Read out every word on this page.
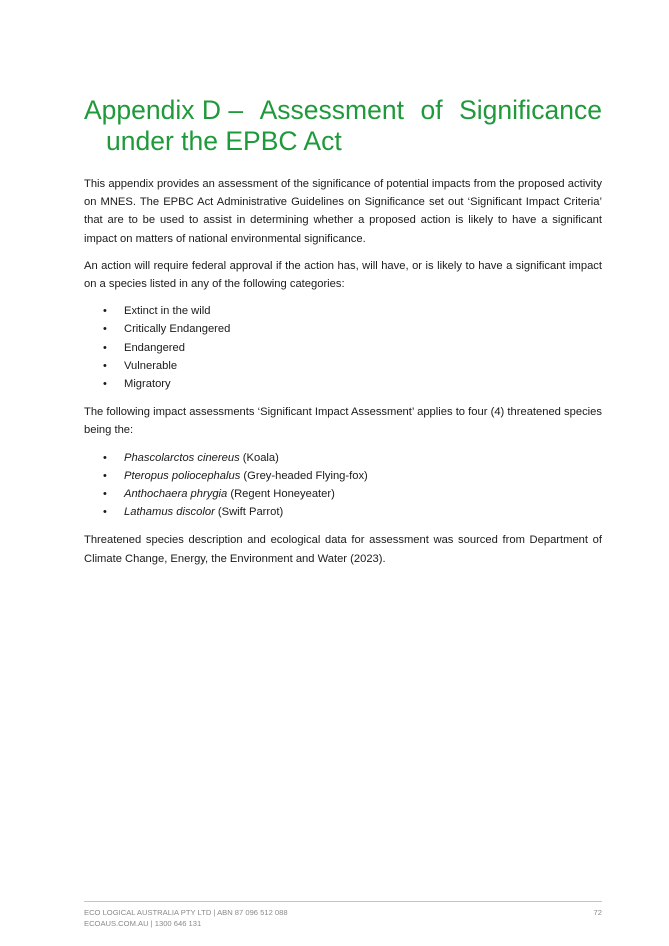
Appendix D – Assessment of Significance
under the EPBC Act

This appendix provides an assessment of the significance of potential impacts from the proposed activity on MNES. The EPBC Act Administrative Guidelines on Significance set out ‘Significant Impact Criteria’ that are to be used to assist in determining whether a proposed action is likely to have a significant impact on matters of national environmental significance.

An action will require federal approval if the action has, will have, or is likely to have a significant impact on a species listed in any of the following categories:

• Extinct in the wild
• Critically Endangered
• Endangered
• Vulnerable
• Migratory

The following impact assessments ‘Significant Impact Assessment’ applies to four (4) threatened species being the:

• Phascolarctos cinereus (Koala)
• Pteropus poliocephalus (Grey-headed Flying-fox)
• Anthochaera phrygia (Regent Honeyeater)
• Lathamus discolor (Swift Parrot)

Threatened species description and ecological data for assessment was sourced from Department of Climate Change, Energy, the Environment and Water (2023).

ECO LOGICAL AUSTRALIA PTY LTD | ABN 87 096 512 088	72
ECOAUS.COM.AU | 1300 646 131
